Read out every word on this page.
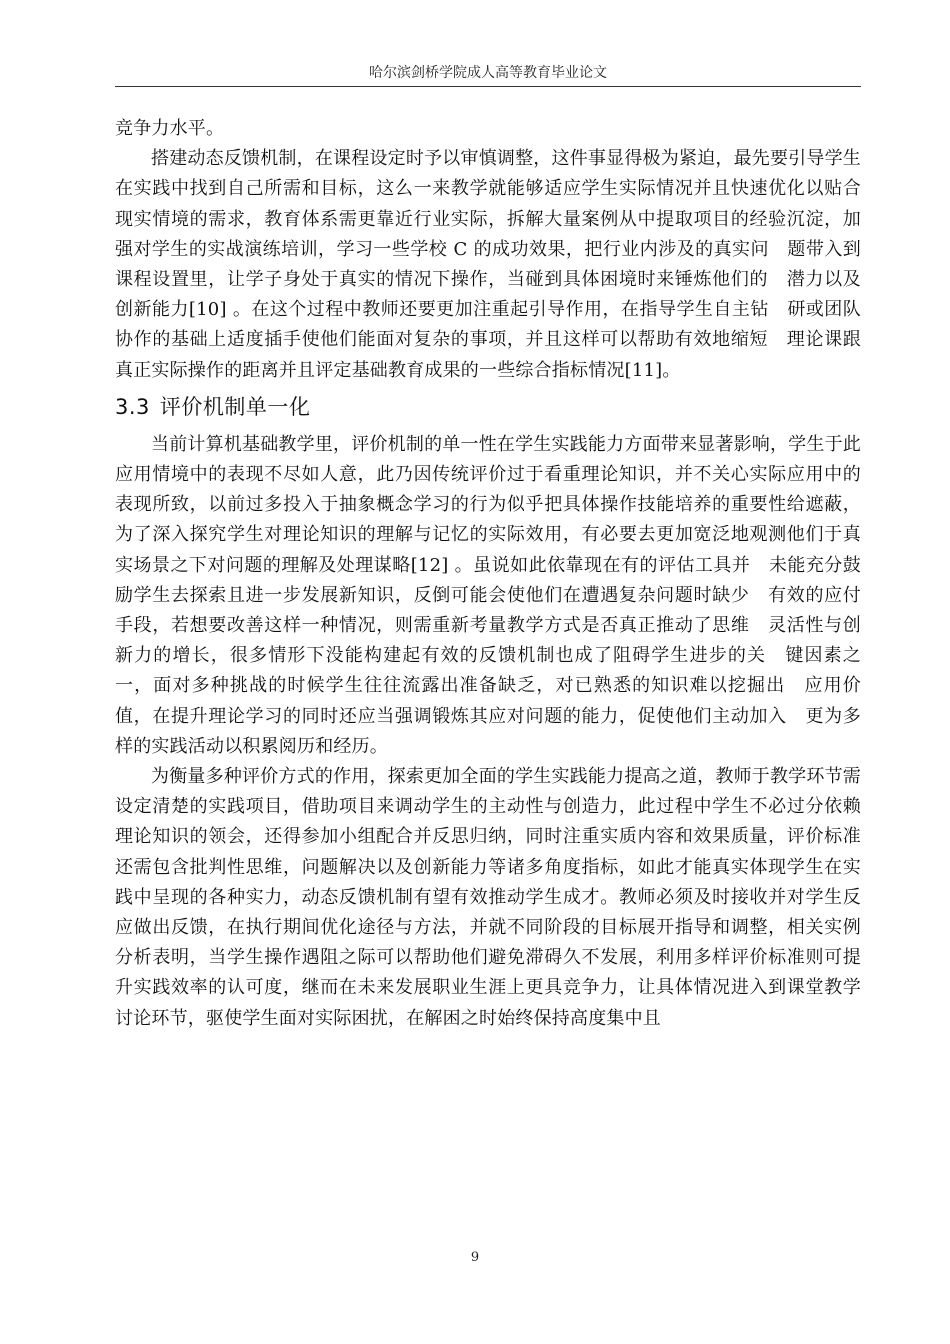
哈尔滨剑桥学院成人高等教育毕业论文

竞争力水平。

搭建动态反馈机制，在课程设定时予以审慎调整，这件事显得极为紧迫，最先要引导学生在实践中找到自己所需和目标，这么一来教学就能够适应学生实际情况并且快速优化以贴合现实情境的需求，教育体系需更靠近行业实际，拆解大量案例从中提取项目的经验沉淀，加强对学生的实战演练培训，学习一些学校 C 的成功效果，把行业内涉及的真实问　题带入到课程设置里，让学子身处于真实的情况下操作，当碰到具体困境时来锤炼他们的　潜力以及创新能力[10] 。在这个过程中教师还要更加注重起引导作用，在指导学生自主钻　研或团队协作的基础上适度插手使他们能面对复杂的事项，并且这样可以帮助有效地缩短　理论课跟真正实际操作的距离并且评定基础教育成果的一些综合指标情况[11]。

3.3 评价机制单一化

当前计算机基础教学里，评价机制的单一性在学生实践能力方面带来显著影响，学生于此应用情境中的表现不尽如人意，此乃因传统评价过于看重理论知识，并不关心实际应用中的表现所致，以前过多投入于抽象概念学习的行为似乎把具体操作技能培养的重要性给遮蔽，为了深入探究学生对理论知识的理解与记忆的实际效用，有必要去更加宽泛地观测他们于真实场景之下对问题的理解及处理谋略[12] 。虽说如此依靠现在有的评估工具并　未能充分鼓励学生去探索且进一步发展新知识，反倒可能会使他们在遭遇复杂问题时缺少　有效的应付手段，若想要改善这样一种情况，则需重新考量教学方式是否真正推动了思维　灵活性与创新力的增长，很多情形下没能构建起有效的反馈机制也成了阻碍学生进步的关　键因素之一，面对多种挑战的时候学生往往流露出准备缺乏，对已熟悉的知识难以挖掘出　应用价值，在提升理论学习的同时还应当强调锻炼其应对问题的能力，促使他们主动加入　更为多样的实践活动以积累阅历和经历。

为衡量多种评价方式的作用，探索更加全面的学生实践能力提高之道，教师于教学环节需设定清楚的实践项目，借助项目来调动学生的主动性与创造力，此过程中学生不必过分依赖理论知识的领会，还得参加小组配合并反思归纳，同时注重实质内容和效果质量，评价标准还需包含批判性思维，问题解决以及创新能力等诸多角度指标，如此才能真实体现学生在实践中呈现的各种实力，动态反馈机制有望有效推动学生成才。教师必须及时接收并对学生反应做出反馈，在执行期间优化途径与方法，并就不同阶段的目标展开指导和调整，相关实例分析表明，当学生操作遇阻之际可以帮助他们避免滞碍久不发展，利用多样评价标准则可提升实践效率的认可度，继而在未来发展职业生涯上更具竞争力，让具体情况进入到课堂教学讨论环节，驱使学生面对实际困扰，在解困之时始终保持高度集中且

9
